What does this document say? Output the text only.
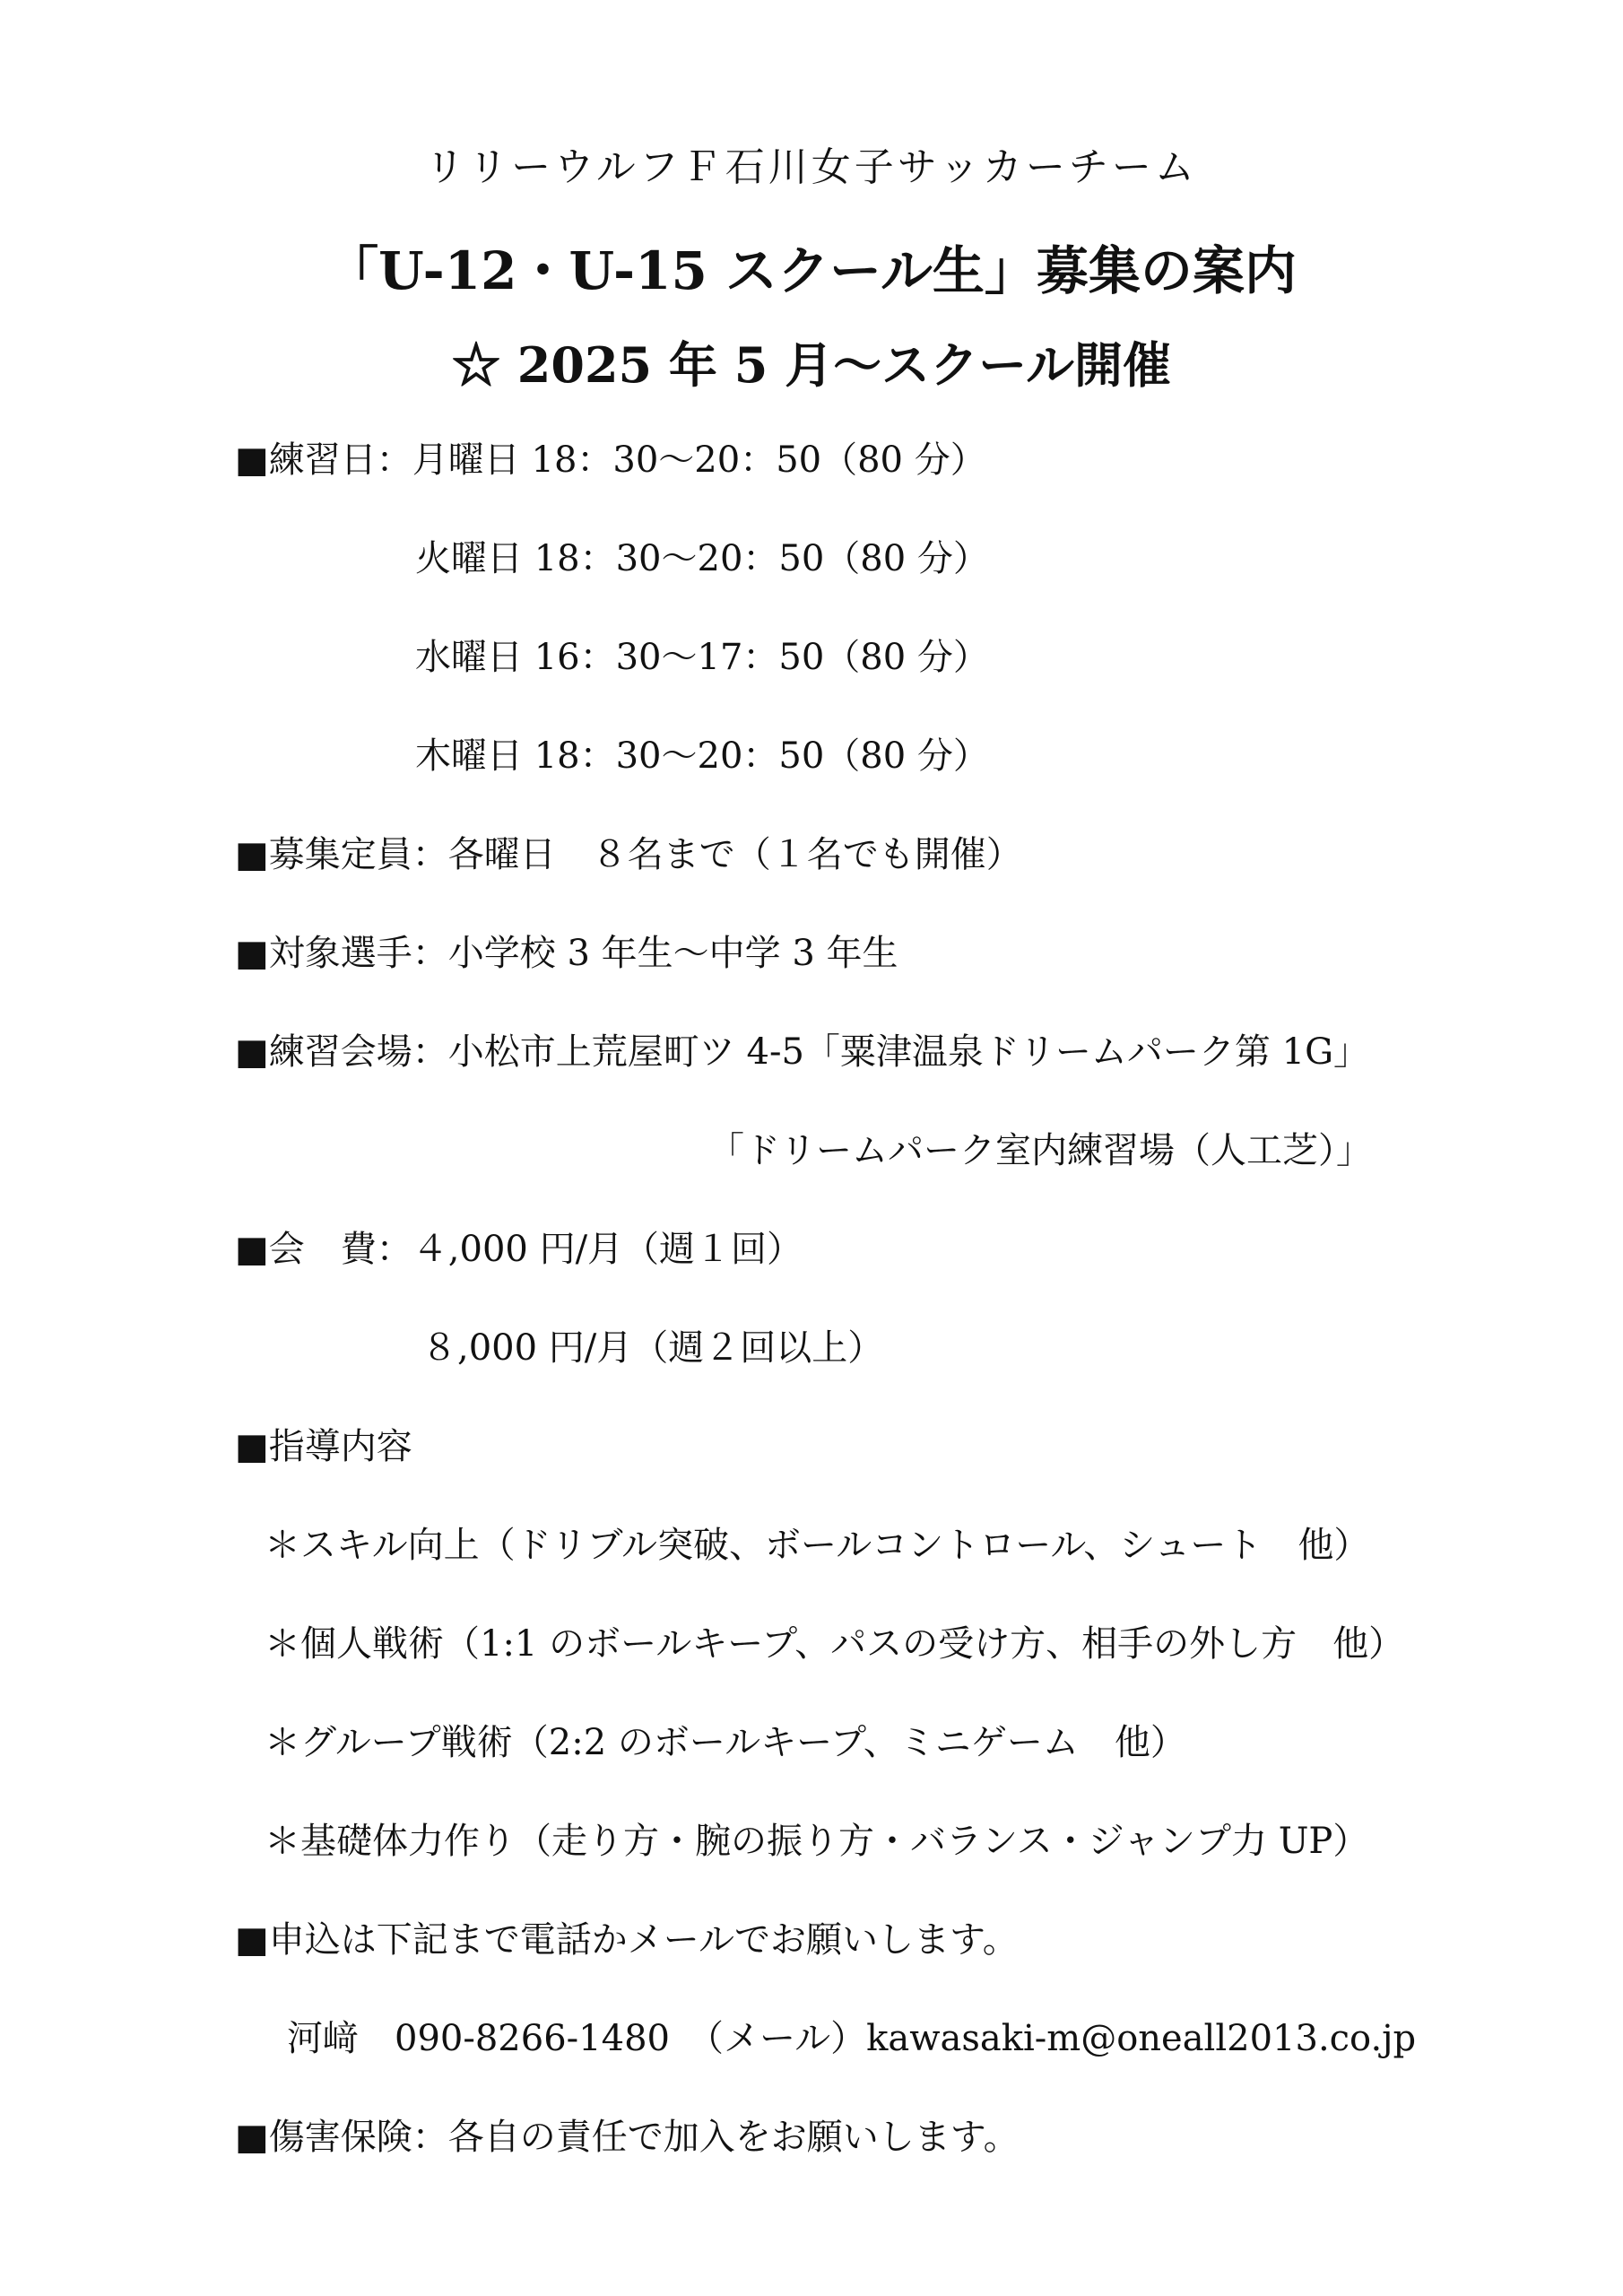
リリーウルフＦ石川女子サッカーチーム
「U-12・U-15 スクール生」募集の案内
☆ 2025 年 5 月～スクール開催
■練習日：月曜日 18：30～20：50（80 分）
火曜日 18：30～20：50（80 分）
水曜日 16：30～17：50（80 分）
木曜日 18：30～20：50（80 分）
■募集定員：各曜日　８名まで（１名でも開催）
■対象選手：小学校 3 年生～中学 3 年生
■練習会場：小松市上荒屋町ツ 4-5「粟津温泉ドリームパーク第 1G」
「ドリームパーク室内練習場（人工芝）」
■会　費：４,000 円/月（週１回）
８,000 円/月（週２回以上）
■指導内容
＊スキル向上（ドリブル突破、ボールコントロール、シュート　他）
＊個人戦術（1:1 のボールキープ、パスの受け方、相手の外し方　他）
＊グループ戦術（2:2 のボールキープ、ミニゲーム　他）
＊基礎体力作り（走り方・腕の振り方・バランス・ジャンプ力 UP）
■申込は下記まで電話かメールでお願いします。
河﨑　090-8266-1480　（メール）kawasaki-m@oneall2013.co.jp
■傷害保険：各自の責任で加入をお願いします。
